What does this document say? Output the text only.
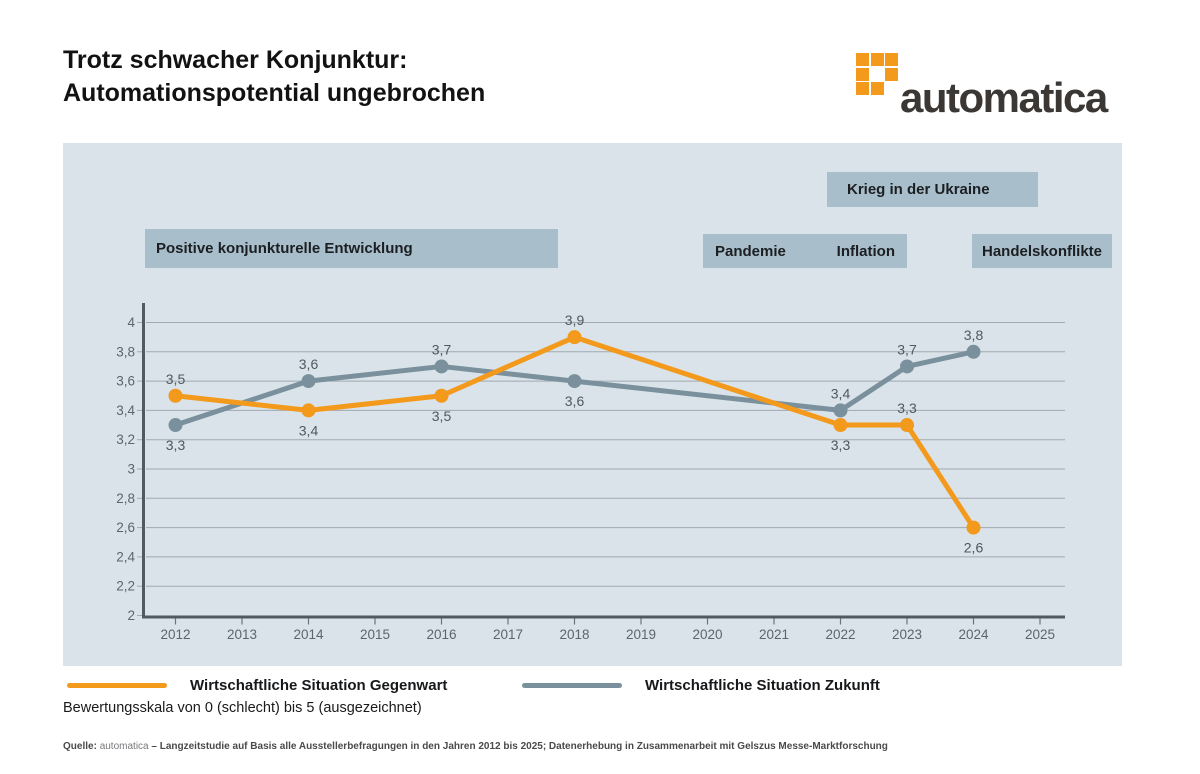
Trotz schwacher Konjunktur:
Automationspotential ungebrochen	automatica
4
3,8
3,6
3,4
3,2
3
2,8
2,6
2,4
2,2
2
2012	2013	2014	2015	2016	2017	2018	2019	2020	2021	2022	2023	2024	2025
3,3
3,6
3,7
3,6	3,4
3,7
3,8
3,5
3,4
3,5
3,9
3,3
3,3
2,6
Krieg in der Ukraine
Positive konjunkturelle Entwicklung	Pandemie	Inflation	Handelskonflikte
Wirtschaftliche Situation Gegenwart	Wirtschaftliche Situation Zukunft
Bewertungsskala von 0 (schlecht) bis 5 (ausgezeichnet)
Quelle: automatica – Langzeitstudie auf Basis alle Ausstellerbefragungen in den Jahren 2012 bis 2025; Datenerhebung in Zusammenarbeit mit Gelszus Messe-Marktforschung
